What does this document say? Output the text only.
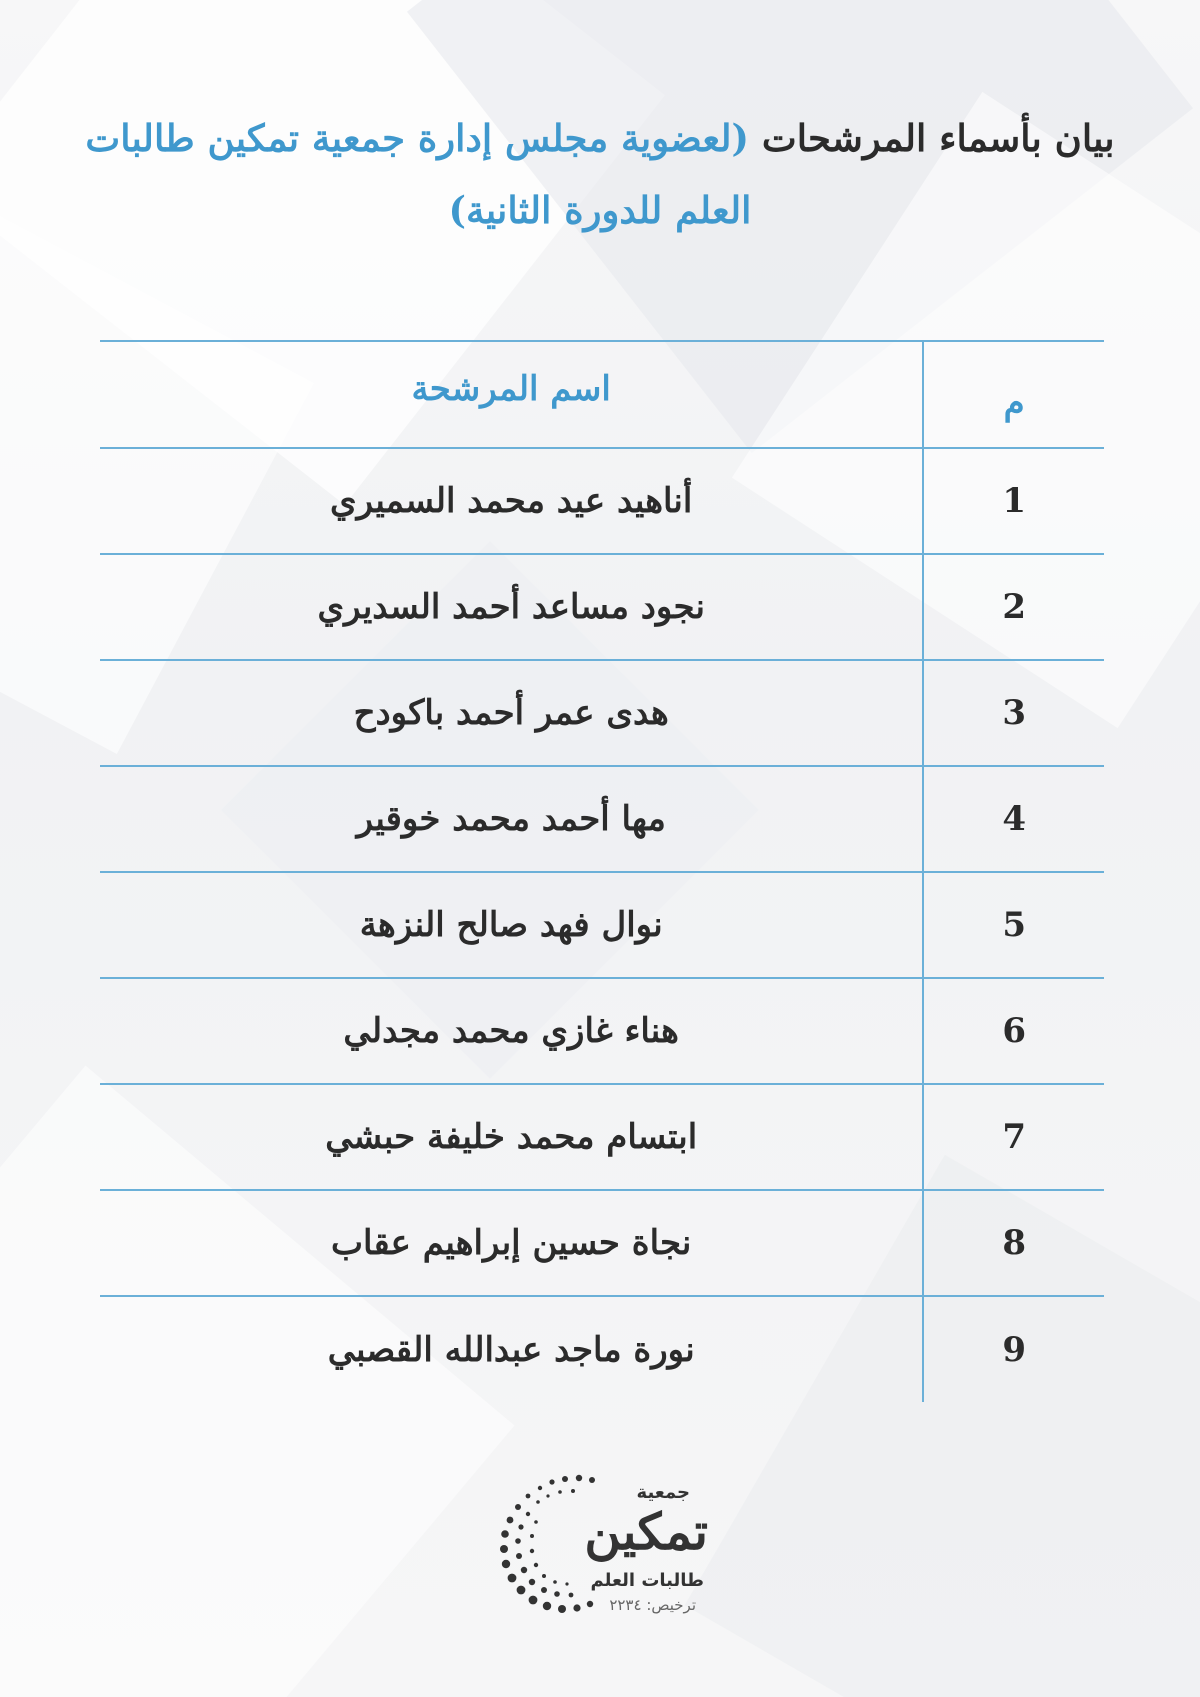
بيان بأسماء المرشحات (لعضوية مجلس إدارة جمعية تمكين طالبات العلم للدورة الثانية)
م	اسم المرشحة
1	أناهيد عيد محمد السميري
2	نجود مساعد أحمد السديري
3	هدى عمر أحمد باكودح
4	مها أحمد محمد خوقير
5	نوال فهد صالح النزهة
6	هناء غازي محمد مجدلي
7	ابتسام محمد خليفة حبشي
8	نجاة حسين إبراهيم عقاب
9	نورة ماجد عبدالله القصبي
جمعية
تمكين
طالبات العلم
ترخيص: ٢٢٣٤
